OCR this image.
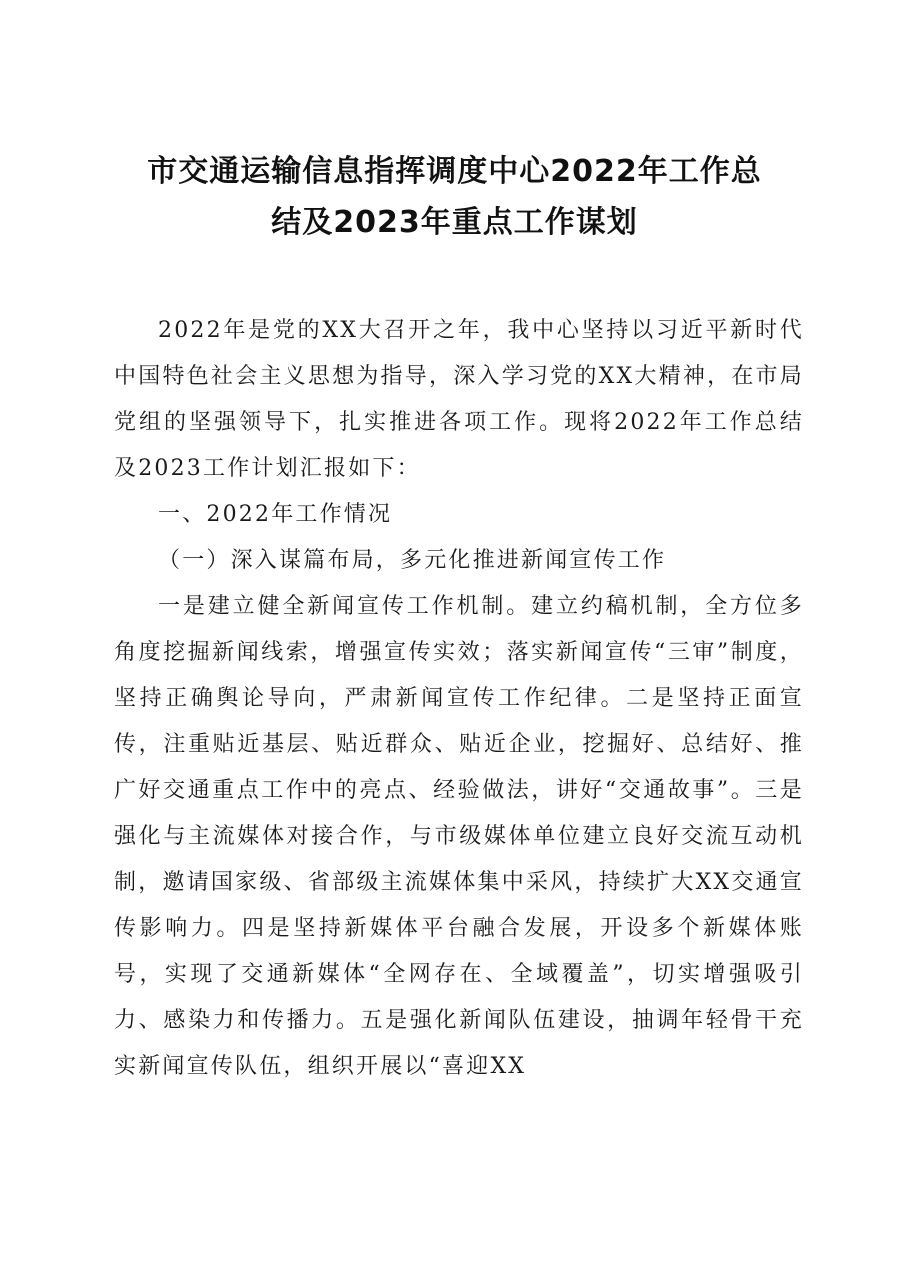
市交通运输信息指挥调度中心2022年工作总
结及2023年重点工作谋划

2022年是党的XX大召开之年，我中心坚持以习近平新时代中国特色社会主义思想为指导，深入学习党的XX大精神，在市局党组的坚强领导下，扎实推进各项工作。现将2022年工作总结及2023工作计划汇报如下：

一、2022年工作情况

（一）深入谋篇布局，多元化推进新闻宣传工作

一是建立健全新闻宣传工作机制。建立约稿机制，全方位多角度挖掘新闻线索，增强宣传实效；落实新闻宣传“三审”制度，坚持正确舆论导向，严肃新闻宣传工作纪律。二是坚持正面宣传，注重贴近基层、贴近群众、贴近企业，挖掘好、总结好、推广好交通重点工作中的亮点、经验做法，讲好“交通故事”。三是强化与主流媒体对接合作，与市级媒体单位建立良好交流互动机制，邀请国家级、省部级主流媒体集中采风，持续扩大XX交通宣传影响力。四是坚持新媒体平台融合发展，开设多个新媒体账号，实现了交通新媒体“全网存在、全域覆盖”，切实增强吸引力、感染力和传播力。五是强化新闻队伍建设，抽调年轻骨干充实新闻宣传队伍，组织开展以“喜迎XX
